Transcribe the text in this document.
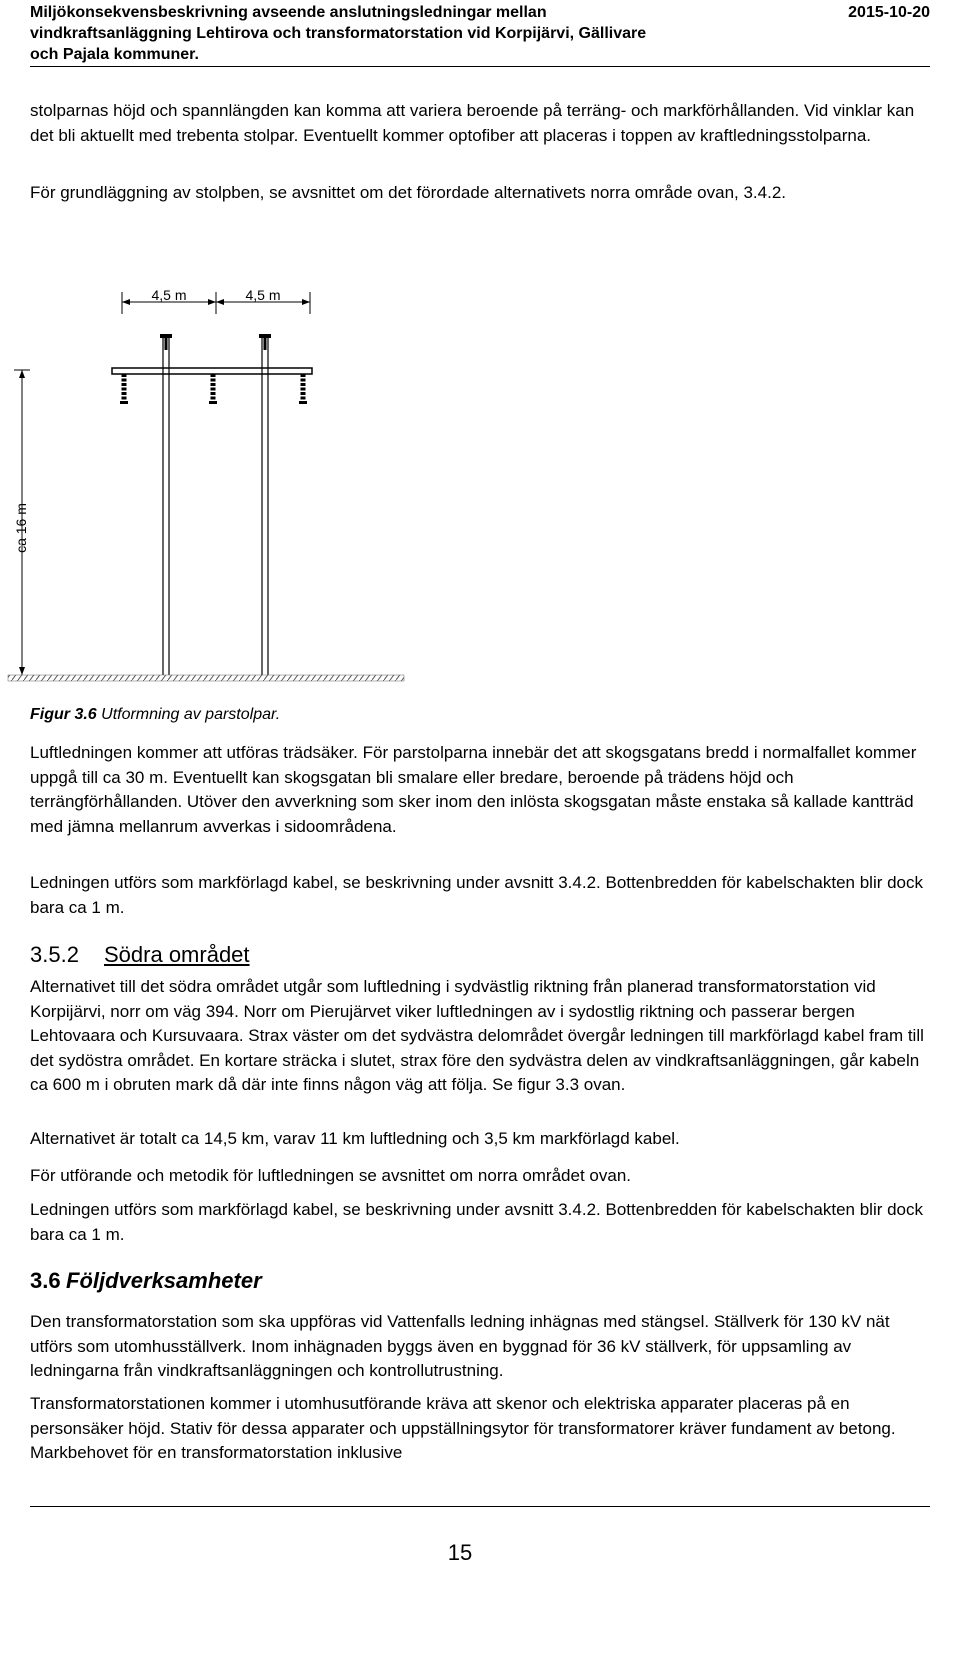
Miljökonsekvensbeskrivning avseende anslutningsledningar mellan vindkraftsanläggning Lehtirova och transformatorstation vid Korpijärvi, Gällivare och Pajala kommuner.
2015-10-20

stolparnas höjd och spannlängden kan komma att variera beroende på terräng- och markförhållanden. Vid vinklar kan det bli aktuellt med trebenta stolpar. Eventuellt kommer optofiber att placeras i toppen av kraftledningsstolparna.

För grundläggning av stolpben, se avsnittet om det förordade alternativets norra område ovan, 3.4.2.

4,5 m	4,5 m
ca 16 m
Figur 3.6 Utformning av parstolpar.

Luftledningen kommer att utföras trädsäker. För parstolparna innebär det att skogsgatans bredd i normalfallet kommer uppgå till ca 30 m. Eventuellt kan skogsgatan bli smalare eller bredare, beroende på trädens höjd och terrängförhållanden. Utöver den avverkning som sker inom den inlösta skogsgatan måste enstaka så kallade kantträd med jämna mellanrum avverkas i sidoområdena.

Ledningen utförs som markförlagd kabel, se beskrivning under avsnitt 3.4.2. Bottenbredden för kabelschakten blir dock bara ca 1 m.

3.5.2 Södra området

Alternativet till det södra området utgår som luftledning i sydvästlig riktning från planerad transformatorstation vid Korpijärvi, norr om väg 394. Norr om Pierujärvet viker luftledningen av i sydostlig riktning och passerar bergen Lehtovaara och Kursuvaara. Strax väster om det sydvästra delområdet övergår ledningen till markförlagd kabel fram till det sydöstra området. En kortare sträcka i slutet, strax före den sydvästra delen av vindkraftsanläggningen, går kabeln ca 600 m i obruten mark då där inte finns någon väg att följa. Se figur 3.3 ovan.

Alternativet är totalt ca 14,5 km, varav 11 km luftledning och 3,5 km markförlagd kabel.

För utförande och metodik för luftledningen se avsnittet om norra området ovan.

Ledningen utförs som markförlagd kabel, se beskrivning under avsnitt 3.4.2. Bottenbredden för kabelschakten blir dock bara ca 1 m.

3.6 Följdverksamheter

Den transformatorstation som ska uppföras vid Vattenfalls ledning inhägnas med stängsel. Ställverk för 130 kV nät utförs som utomhusställverk. Inom inhägnaden byggs även en byggnad för 36 kV ställverk, för uppsamling av ledningarna från vindkraftsanläggningen och kontrollutrustning.

Transformatorstationen kommer i utomhusutförande kräva att skenor och elektriska apparater placeras på en personsäker höjd. Stativ för dessa apparater och uppställningsytor för transformatorer kräver fundament av betong. Markbehovet för en transformatorstation inklusive

15
